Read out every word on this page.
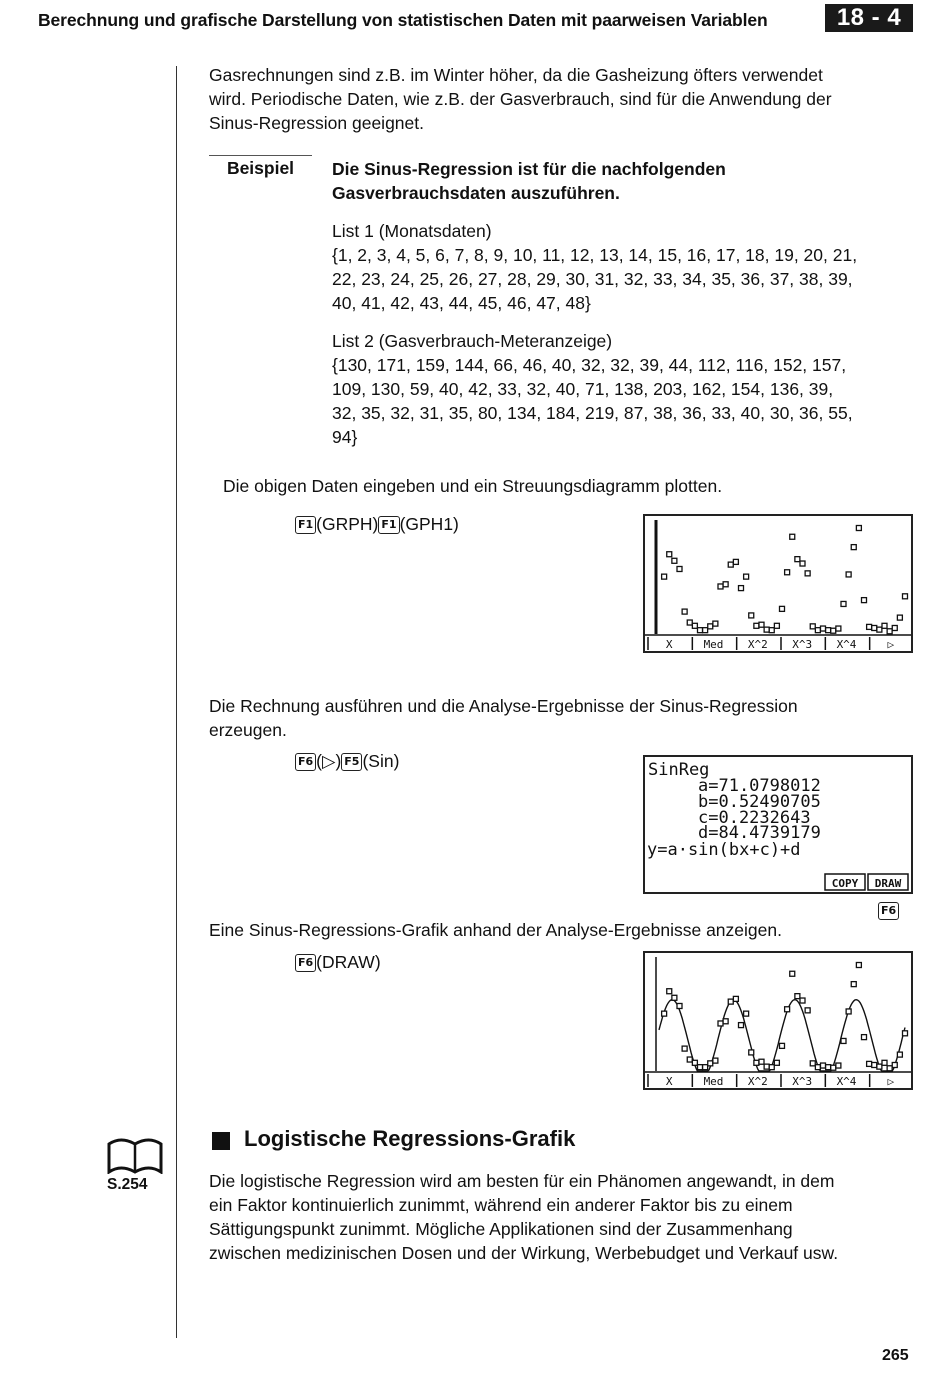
Berechnung und grafische Darstellung von statistischen Daten mit paarweisen Variablen	18 - 4
Gasrechnungen sind z.B. im Winter höher, da die Gasheizung öfters verwendet
wird. Periodische Daten, wie z.B. der Gasverbrauch, sind für die Anwendung der
Sinus-Regression geeignet.
Beispiel	Die Sinus-Regression ist für die nachfolgenden
Gasverbrauchsdaten auszuführen.
List 1 (Monatsdaten)
{1, 2, 3, 4, 5, 6, 7, 8, 9, 10, 11, 12, 13, 14, 15, 16, 17, 18, 19, 20, 21,
22, 23, 24, 25, 26, 27, 28, 29, 30, 31, 32, 33, 34, 35, 36, 37, 38, 39,
40, 41, 42, 43, 44, 45, 46, 47, 48}
List 2 (Gasverbrauch-Meteranzeige)
{130, 171, 159, 144, 66, 46, 40, 32, 32, 39, 44, 112, 116, 152, 157,
109, 130, 59, 40, 42, 33, 32, 40, 71, 138, 203, 162, 154, 136, 39,
32, 35, 32, 31, 35, 80, 134, 184, 219, 87, 38, 36, 33, 40, 30, 36, 55,
94}
Die obigen Daten eingeben und ein Streuungsdiagramm plotten.
F1 (GRPH) F1 (GPH1)
X	Med X^2 X^3 X^4	▷
Die Rechnung ausführen und die Analyse-Ergebnisse der Sinus-Regression
erzeugen.
F6 (▷) F5 (Sin)	SinReg
a=71.0798012
b=0.52490705
c=0.2232643
d=84.4739179
y=a·sin(bx+c)+d
COPY DRAW
F6
Eine Sinus-Regressions-Grafik anhand der Analyse-Ergebnisse anzeigen.
F6 (DRAW)
X	Med X^2 X^3 X^4	▷
S.254
Logistische Regressions-Grafik
Die logistische Regression wird am besten für ein Phänomen angewandt, in dem
ein Faktor kontinuierlich zunimmt, während ein anderer Faktor bis zu einem
Sättigungspunkt zunimmt. Mögliche Applikationen sind der Zusammenhang
zwischen medizinischen Dosen und der Wirkung, Werbebudget und Verkauf usw.
265
